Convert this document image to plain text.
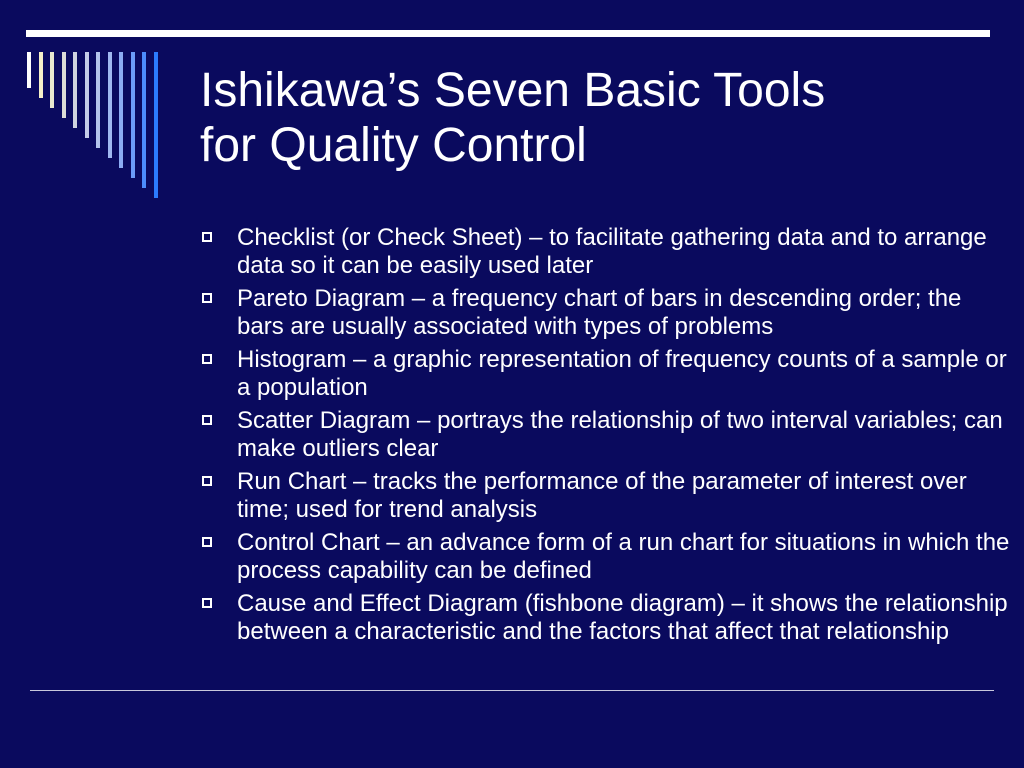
Ishikawa’s Seven Basic Tools
for Quality Control
Checklist (or Check Sheet) – to facilitate gathering data and to arrange data so it can be easily used later
Pareto Diagram – a frequency chart of bars in descending order; the bars are usually associated with types of problems
Histogram – a graphic representation of frequency counts of a sample or a population
Scatter Diagram – portrays the relationship of two interval variables; can make outliers clear
Run Chart – tracks the performance of the parameter of interest over time; used for trend analysis
Control Chart – an advance form of a run chart for situations in which the process capability can be defined
Cause and Effect Diagram (fishbone diagram) – it shows the relationship between a characteristic and the factors that affect that relationship
